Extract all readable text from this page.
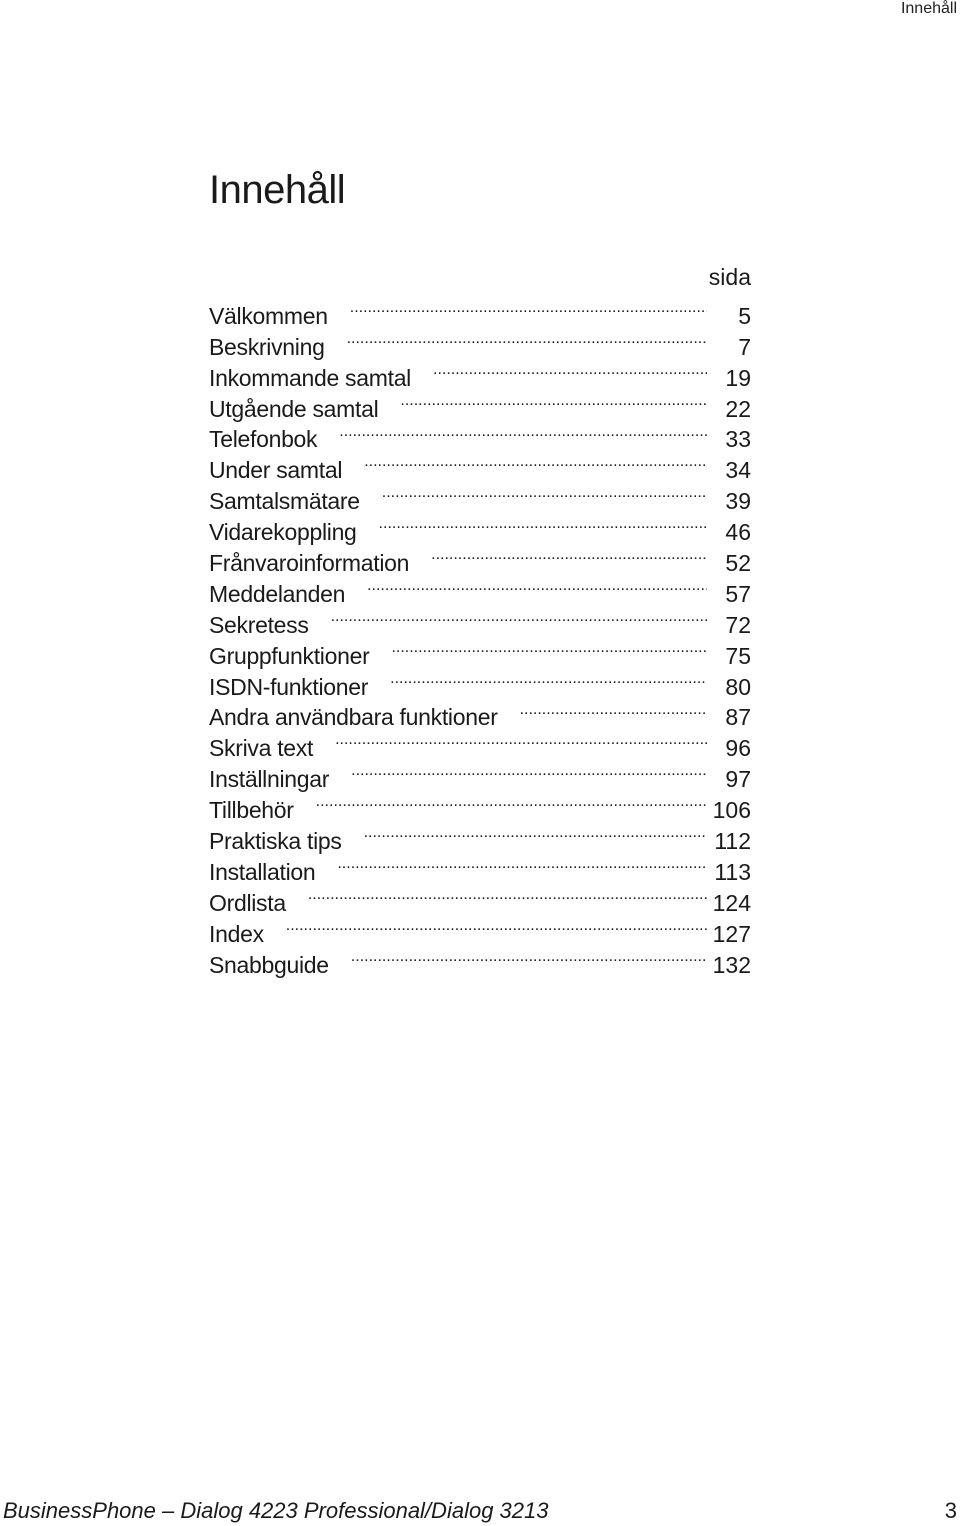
Innehåll
Innehåll
sida
Välkommen .....	5
Beskrivning .....	7
Inkommande samtal .....	19
Utgående samtal .....	22
Telefonbok .....	33
Under samtal .....	34
Samtalsmätare .....	39
Vidarekoppling .....	46
Frånvaroinformation .....	52
Meddelanden .....	57
Sekretess .....	72
Gruppfunktioner .....	75
ISDN-funktioner .....	80
Andra användbara funktioner .....	87
Skriva text .....	96
Inställningar .....	97
Tillbehör .....	106
Praktiska tips .....	112
Installation .....	113
Ordlista .....	124
Index .....	127
Snabbguide .....	132
BusinessPhone – Dialog 4223 Professional/Dialog 3213	3
